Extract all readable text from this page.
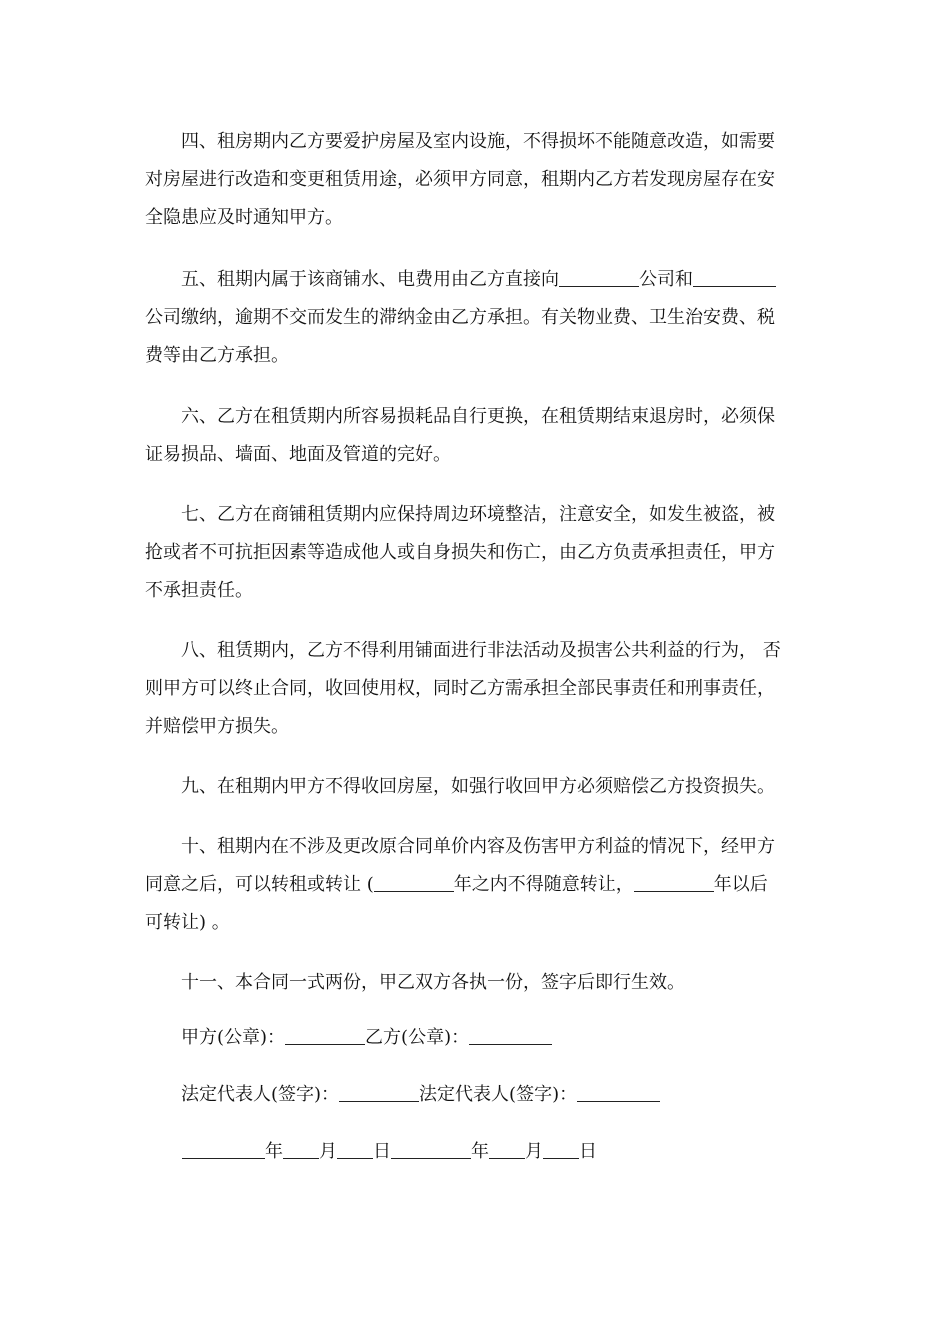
四、租房期内乙方要爱护房屋及室内设施，不得损坏不能随意改造，如需要
对房屋进行改造和变更租赁用途，必须甲方同意，租期内乙方若发现房屋存在安
全隐患应及时通知甲方。
五、租期内属于该商铺水、电费用由乙方直接向	公司和
公司缴纳，逾期不交而发生的滞纳金由乙方承担。有关物业费、卫生治安费、税
费等由乙方承担。
六、乙方在租赁期内所容易损耗品自行更换，在租赁期结束退房时，必须保
证易损品、墙面、地面及管道的完好。
七、乙方在商铺租赁期内应保持周边环境整洁，注意安全，如发生被盗，被
抢或者不可抗拒因素等造成他人或自身损失和伤亡，由乙方负责承担责任，甲方
不承担责任。
八、租赁期内，乙方不得利用铺面进行非法活动及损害公共利益的行为， 否
则甲方可以终止合同，收回使用权，同时乙方需承担全部民事责任和刑事责任，
并赔偿甲方损失。
九、在租期内甲方不得收回房屋，如强行收回甲方必须赔偿乙方投资损失。
十、租期内在不涉及更改原合同单价内容及伤害甲方利益的情况下，经甲方
同意之后，可以转租或转让 (	年之内不得随意转让，	年以后
可转让) 。
十一、本合同一式两份，甲乙双方各执一份，签字后即行生效。
甲方(公章)：	乙方(公章)：
法定代表人(签字)：	法定代表人(签字)：
年 月 日	年 月 日
